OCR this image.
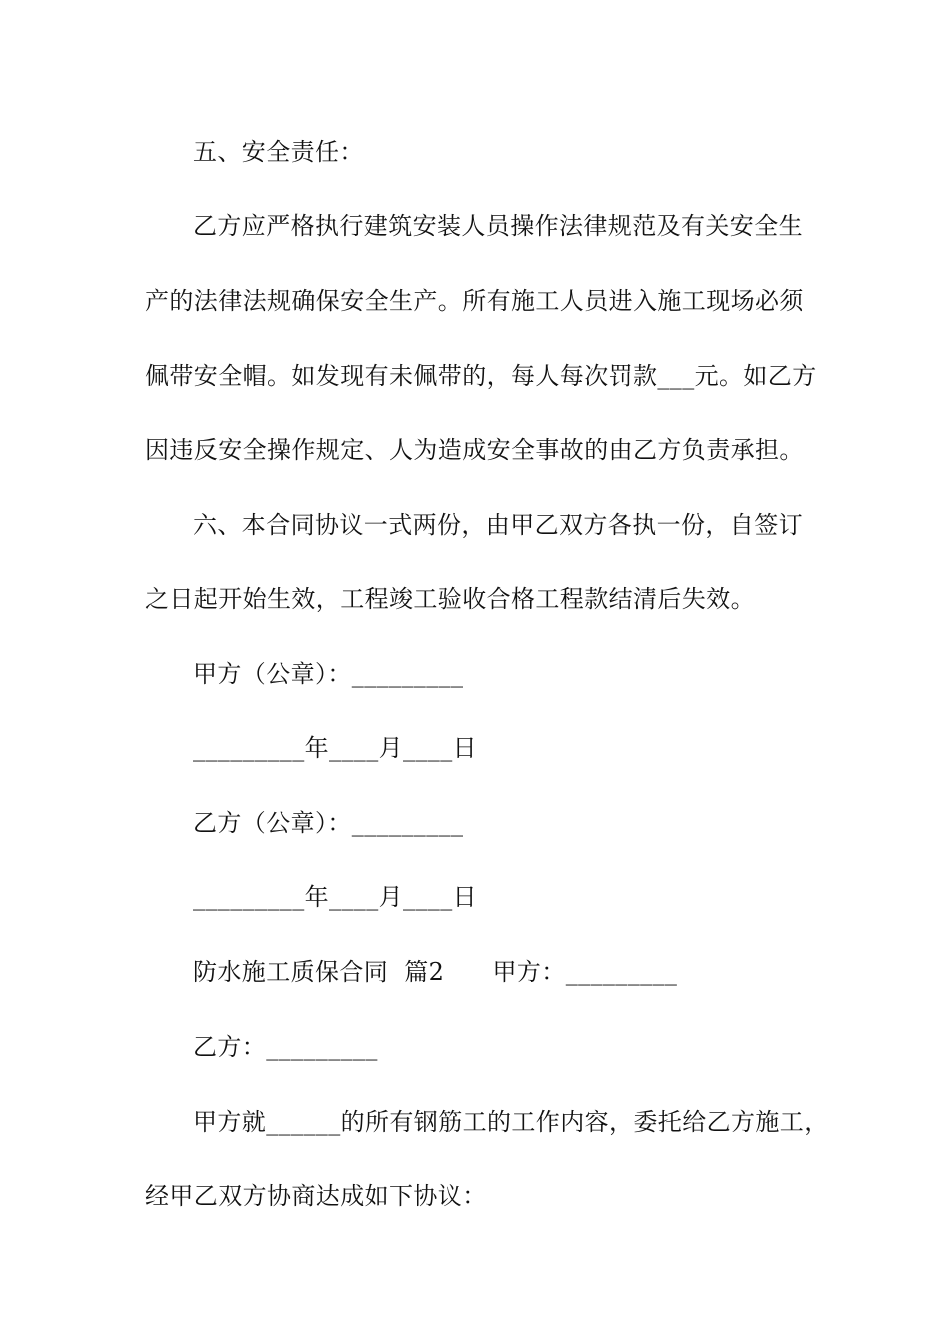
五、安全责任：
乙方应严格执行建筑安装人员操作法律规范及有关安全生
产的法律法规确保安全生产。所有施工人员进入施工现场必须
佩带安全帽。如发现有未佩带的，每人每次罚款___元。如乙方
因违反安全操作规定、人为造成安全事故的由乙方负责承担。
六、本合同协议一式两份，由甲乙双方各执一份，自签订
之日起开始生效，工程竣工验收合格工程款结清后失效。
甲方（公章）：_________
_________年____月____日
乙方（公章）：_________
_________年____月____日
防水施工质保合同  篇2      甲方：_________
乙方：_________
甲方就______的所有钢筋工的工作内容，委托给乙方施工，
经甲乙双方协商达成如下协议：
